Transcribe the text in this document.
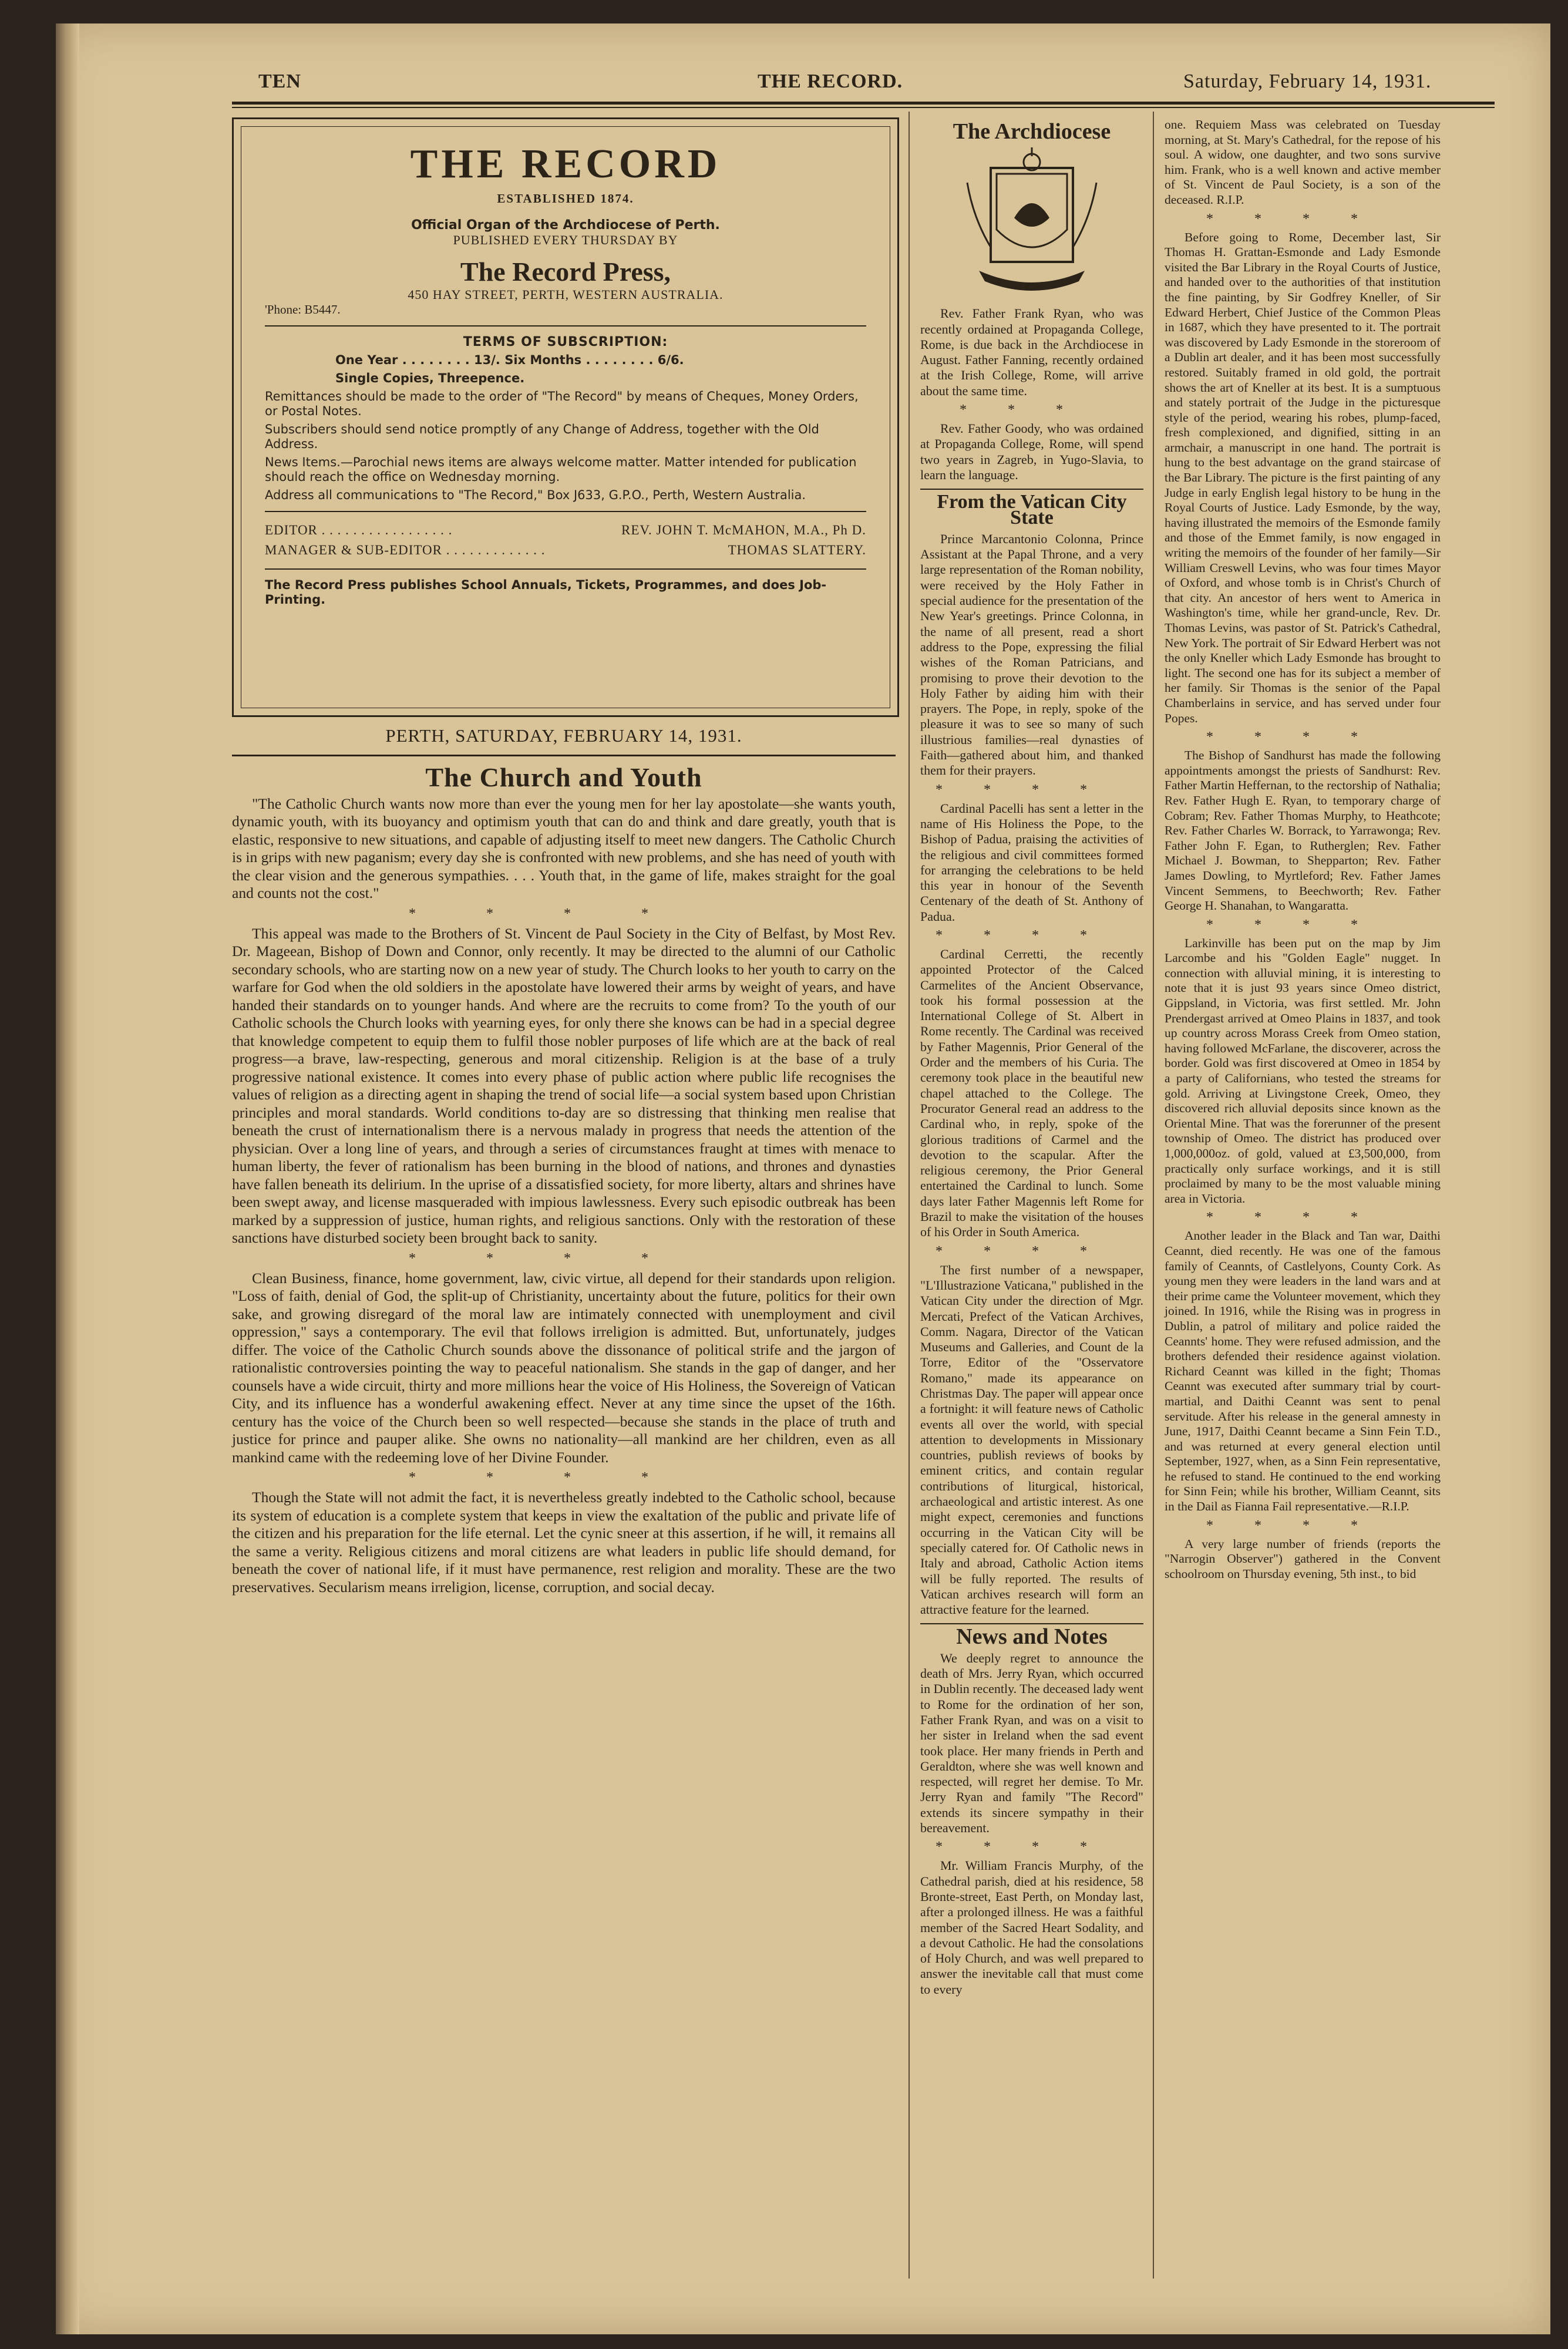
TEN	THE RECORD.	Saturday, February 14, 1931.
THE RECORD
ESTABLISHED 1874.
Official Organ of the Archdiocese of Perth.
PUBLISHED EVERY THURSDAY BY
The Record Press,
450 HAY STREET, PERTH, WESTERN AUSTRALIA.
'Phone: B5447.
TERMS OF SUBSCRIPTION:
One Year . . . . . . . . 13/. Six Months . . . . . . . . 6/6.
Single Copies, Threepence.
Remittances should be made to the order of "The Record" by means of Cheques, Money Orders, or Postal Notes.
Subscribers should send notice promptly of any Change of Address, together with the Old Address.
News Items.—Parochial news items are always welcome matter. Matter intended for publication should reach the office on Wednesday morning.
Address all communications to "The Record," Box J633, G.P.O., Perth, Western Australia.
EDITOR . . . . . . . . . . . . . . . . .	REV. JOHN T. McMAHON, M.A., Ph D.
MANAGER & SUB-EDITOR . . . . . . . . . . . . .	THOMAS SLATTERY.
The Record Press publishes School Annuals, Tickets, Programmes, and does Job-Printing.
PERTH, SATURDAY, FEBRUARY 14, 1931.
The Church and Youth

"The Catholic Church wants now more than ever the young men for her lay apostolate—she wants youth, dynamic youth, with its buoyancy and optimism youth that can do and think and dare greatly, youth that is elastic, responsive to new situations, and capable of adjusting itself to meet new dangers. The Catholic Church is in grips with new paganism; every day she is confronted with new problems, and she has need of youth with the clear vision and the generous sympathies. . . . Youth that, in the game of life, makes straight for the goal and counts not the cost."

****

This appeal was made to the Brothers of St. Vincent de Paul Society in the City of Belfast, by Most Rev. Dr. Mageean, Bishop of Down and Connor, only recently. It may be directed to the alumni of our Catholic secondary schools, who are starting now on a new year of study. The Church looks to her youth to carry on the warfare for God when the old soldiers in the apostolate have lowered their arms by weight of years, and have handed their standards on to younger hands. And where are the recruits to come from? To the youth of our Catholic schools the Church looks with yearning eyes, for only there she knows can be had in a special degree that knowledge competent to equip them to fulfil those nobler purposes of life which are at the back of real progress—a brave, law-respecting, generous and moral citizenship. Religion is at the base of a truly progressive national existence. It comes into every phase of public action where public life recognises the values of religion as a directing agent in shaping the trend of social life—a social system based upon Christian principles and moral standards. World conditions to-day are so distressing that thinking men realise that beneath the crust of internationalism there is a nervous malady in progress that needs the attention of the physician. Over a long line of years, and through a series of circumstances fraught at times with menace to human liberty, the fever of rationalism has been burning in the blood of nations, and thrones and dynasties have fallen beneath its delirium. In the uprise of a dissatisfied society, for more liberty, altars and shrines have been swept away, and license masqueraded with impious lawlessness. Every such episodic outbreak has been marked by a suppression of justice, human rights, and religious sanctions. Only with the restoration of these sanctions have disturbed society been brought back to sanity.

****

Clean Business, finance, home government, law, civic virtue, all depend for their standards upon religion. "Loss of faith, denial of God, the split-up of Christianity, uncertainty about the future, politics for their own sake, and growing disregard of the moral law are intimately connected with unemployment and civil oppression," says a contemporary. The evil that follows irreligion is admitted. But, unfortunately, judges differ. The voice of the Catholic Church sounds above the dissonance of political strife and the jargon of rationalistic controversies pointing the way to peaceful nationalism. She stands in the gap of danger, and her counsels have a wide circuit, thirty and more millions hear the voice of His Holiness, the Sovereign of Vatican City, and its influence has a wonderful awakening effect. Never at any time since the upset of the 16th. century has the voice of the Church been so well respected—because she stands in the place of truth and justice for prince and pauper alike. She owns no nationality—all mankind are her children, even as all mankind came with the redeeming love of her Divine Founder.

****

Though the State will not admit the fact, it is nevertheless greatly indebted to the Catholic school, because its system of education is a complete system that keeps in view the exaltation of the public and private life of the citizen and his preparation for the life eternal. Let the cynic sneer at this assertion, if he will, it remains all the same a verity. Religious citizens and moral citizens are what leaders in public life should demand, for beneath the cover of national life, if it must have permanence, rest religion and morality. These are the two preservatives. Secularism means irreligion, license, corruption, and social decay.

The Archdiocese

Rev. Father Frank Ryan, who was recently ordained at Propaganda College, Rome, is due back in the Archdiocese in August. Father Fanning, recently ordained at the Irish College, Rome, will arrive about the same time.

***

Rev. Father Goody, who was ordained at Propaganda College, Rome, will spend two years in Zagreb, in Yugo-Slavia, to learn the language.

From the Vatican City State

Prince Marcantonio Colonna, Prince Assistant at the Papal Throne, and a very large representation of the Roman nobility, were received by the Holy Father in special audience for the presentation of the New Year's greetings. Prince Colonna, in the name of all present, read a short address to the Pope, expressing the filial wishes of the Roman Patricians, and promising to prove their devotion to the Holy Father by aiding him with their prayers. The Pope, in reply, spoke of the pleasure it was to see so many of such illustrious families—real dynasties of Faith—gathered about him, and thanked them for their prayers.

****

Cardinal Pacelli has sent a letter in the name of His Holiness the Pope, to the Bishop of Padua, praising the activities of the religious and civil committees formed for arranging the celebrations to be held this year in honour of the Seventh Centenary of the death of St. Anthony of Padua.

****

Cardinal Cerretti, the recently appointed Protector of the Calced Carmelites of the Ancient Observance, took his formal possession at the International College of St. Albert in Rome recently. The Cardinal was received by Father Magennis, Prior General of the Order and the members of his Curia. The ceremony took place in the beautiful new chapel attached to the College. The Procurator General read an address to the Cardinal who, in reply, spoke of the glorious traditions of Carmel and the devotion to the scapular. After the religious ceremony, the Prior General entertained the Cardinal to lunch. Some days later Father Magennis left Rome for Brazil to make the visitation of the houses of his Order in South America.

****

The first number of a newspaper, "L'Illustrazione Vaticana," published in the Vatican City under the direction of Mgr. Mercati, Prefect of the Vatican Archives, Comm. Nagara, Director of the Vatican Museums and Galleries, and Count de la Torre, Editor of the "Osservatore Romano," made its appearance on Christmas Day. The paper will appear once a fortnight: it will feature news of Catholic events all over the world, with special attention to developments in Missionary countries, publish reviews of books by eminent critics, and contain regular contributions of liturgical, historical, archaeological and artistic interest. As one might expect, ceremonies and functions occurring in the Vatican City will be specially catered for. Of Catholic news in Italy and abroad, Catholic Action items will be fully reported. The results of Vatican archives research will form an attractive feature for the learned.

News and Notes

We deeply regret to announce the death of Mrs. Jerry Ryan, which occurred in Dublin recently. The deceased lady went to Rome for the ordination of her son, Father Frank Ryan, and was on a visit to her sister in Ireland when the sad event took place. Her many friends in Perth and Geraldton, where she was well known and respected, will regret her demise. To Mr. Jerry Ryan and family "The Record" extends its sincere sympathy in their bereavement.

****

Mr. William Francis Murphy, of the Cathedral parish, died at his residence, 58 Bronte-street, East Perth, on Monday last, after a prolonged illness. He was a faithful member of the Sacred Heart Sodality, and a devout Catholic. He had the consolations of Holy Church, and was well prepared to answer the inevitable call that must come to every

one. Requiem Mass was celebrated on Tuesday morning, at St. Mary's Cathedral, for the repose of his soul. A widow, one daughter, and two sons survive him. Frank, who is a well known and active member of St. Vincent de Paul Society, is a son of the deceased. R.I.P.

****

Before going to Rome, December last, Sir Thomas H. Grattan-Esmonde and Lady Esmonde visited the Bar Library in the Royal Courts of Justice, and handed over to the authorities of that institution the fine painting, by Sir Godfrey Kneller, of Sir Edward Herbert, Chief Justice of the Common Pleas in 1687, which they have presented to it. The portrait was discovered by Lady Esmonde in the storeroom of a Dublin art dealer, and it has been most successfully restored. Suitably framed in old gold, the portrait shows the art of Kneller at its best. It is a sumptuous and stately portrait of the Judge in the picturesque style of the period, wearing his robes, plump-faced, fresh complexioned, and dignified, sitting in an armchair, a manuscript in one hand. The portrait is hung to the best advantage on the grand staircase of the Bar Library. The picture is the first painting of any Judge in early English legal history to be hung in the Royal Courts of Justice. Lady Esmonde, by the way, having illustrated the memoirs of the Esmonde family and those of the Emmet family, is now engaged in writing the memoirs of the founder of her family—Sir William Creswell Levins, who was four times Mayor of Oxford, and whose tomb is in Christ's Church of that city. An ancestor of hers went to America in Washington's time, while her grand-uncle, Rev. Dr. Thomas Levins, was pastor of St. Patrick's Cathedral, New York. The portrait of Sir Edward Herbert was not the only Kneller which Lady Esmonde has brought to light. The second one has for its subject a member of her family. Sir Thomas is the senior of the Papal Chamberlains in service, and has served under four Popes.

****

The Bishop of Sandhurst has made the following appointments amongst the priests of Sandhurst: Rev. Father Martin Heffernan, to the rectorship of Nathalia; Rev. Father Hugh E. Ryan, to temporary charge of Cobram; Rev. Father Thomas Murphy, to Heathcote; Rev. Father Charles W. Borrack, to Yarrawonga; Rev. Father John F. Egan, to Rutherglen; Rev. Father Michael J. Bowman, to Shepparton; Rev. Father James Dowling, to Myrtleford; Rev. Father James Vincent Semmens, to Beechworth; Rev. Father George H. Shanahan, to Wangaratta.

****

Larkinville has been put on the map by Jim Larcombe and his "Golden Eagle" nugget. In connection with alluvial mining, it is interesting to note that it is just 93 years since Omeo district, Gippsland, in Victoria, was first settled. Mr. John Prendergast arrived at Omeo Plains in 1837, and took up country across Morass Creek from Omeo station, having followed McFarlane, the discoverer, across the border. Gold was first discovered at Omeo in 1854 by a party of Californians, who tested the streams for gold. Arriving at Livingstone Creek, Omeo, they discovered rich alluvial deposits since known as the Oriental Mine. That was the forerunner of the present township of Omeo. The district has produced over 1,000,000oz. of gold, valued at £3,500,000, from practically only surface workings, and it is still proclaimed by many to be the most valuable mining area in Victoria.

****

Another leader in the Black and Tan war, Daithi Ceannt, died recently. He was one of the famous family of Ceannts, of Castlelyons, County Cork. As young men they were leaders in the land wars and at their prime came the Volunteer movement, which they joined. In 1916, while the Rising was in progress in Dublin, a patrol of military and police raided the Ceannts' home. They were refused admission, and the brothers defended their residence against violation. Richard Ceannt was killed in the fight; Thomas Ceannt was executed after summary trial by court-martial, and Daithi Ceannt was sent to penal servitude. After his release in the general amnesty in June, 1917, Daithi Ceannt became a Sinn Fein T.D., and was returned at every general election until September, 1927, when, as a Sinn Fein representative, he refused to stand. He continued to the end working for Sinn Fein; while his brother, William Ceannt, sits in the Dail as Fianna Fail representative.—R.I.P.

****

A very large number of friends (reports the "Narrogin Observer") gathered in the Convent schoolroom on Thursday evening, 5th inst., to bid
